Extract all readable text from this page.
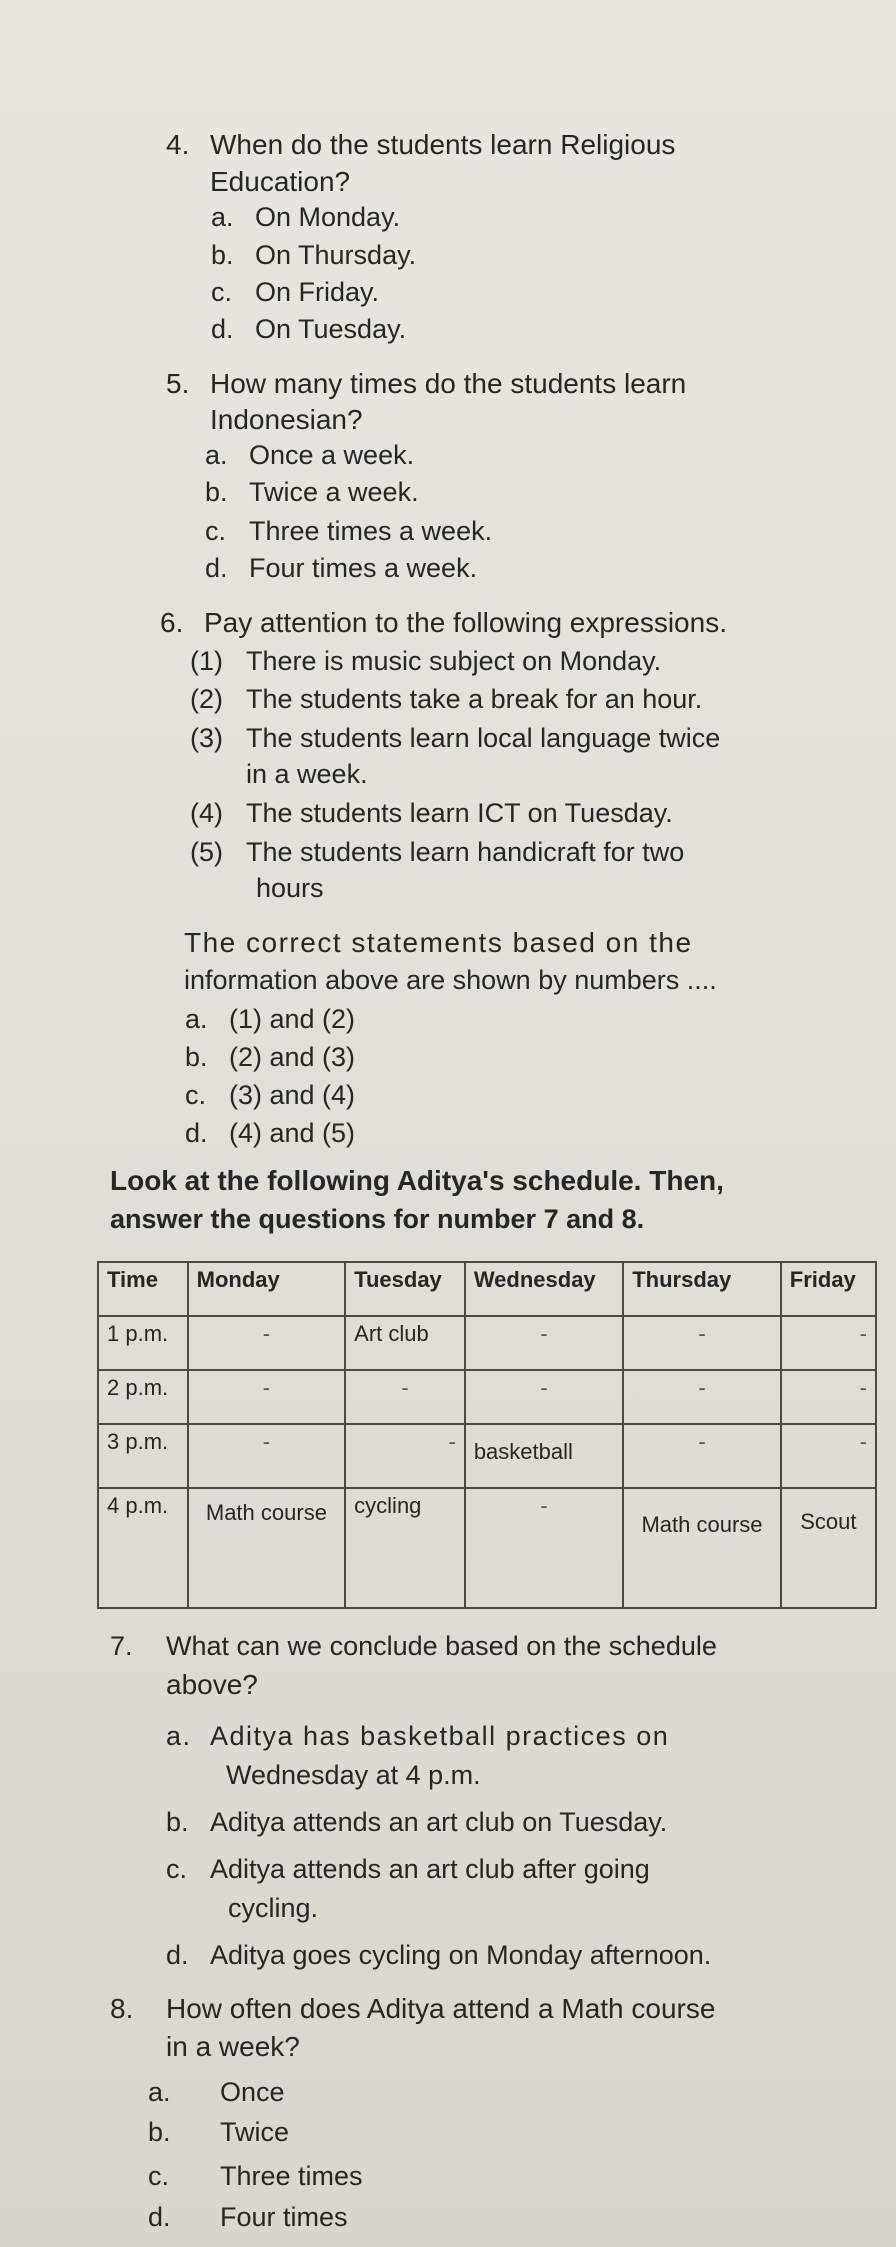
4. When do the students learn Religious
Education?
a. On Monday.
b. On Thursday.
c. On Friday.
d. On Tuesday.
5. How many times do the students learn
Indonesian?
a. Once a week.
b. Twice a week.
c. Three times a week.
d. Four times a week.
6. Pay attention to the following expressions.
(1) There is music subject on Monday.
(2) The students take a break for an hour.
(3) The students learn local language twice
in a week.
(4) The students learn ICT on Tuesday.
(5) The students learn handicraft for two
hours
The correct statements based on the
information above are shown by numbers ....
a. (1) and (2)
b. (2) and (3)
c. (3) and (4)
d. (4) and (5)
Look at the following Aditya's schedule. Then,
answer the questions for number 7 and 8.
Time	Monday	Tuesday	Wednesday	Thursday	Friday
1 p.m.	-	Art club	-	-	-
2 p.m.	-	-	-	-	-
3 p.m.	-	-	basketball	-	-
4 p.m.	Math course	cycling	-	Math course	Scout
7. What can we conclude based on the schedule
above?
a. Aditya has basketball practices on
Wednesday at 4 p.m.
b. Aditya attends an art club on Tuesday.
c. Aditya attends an art club after going
cycling.
d. Aditya goes cycling on Monday afternoon.
8. How often does Aditya attend a Math course
in a week?
a. Once
b. Twice
c. Three times
d. Four times
